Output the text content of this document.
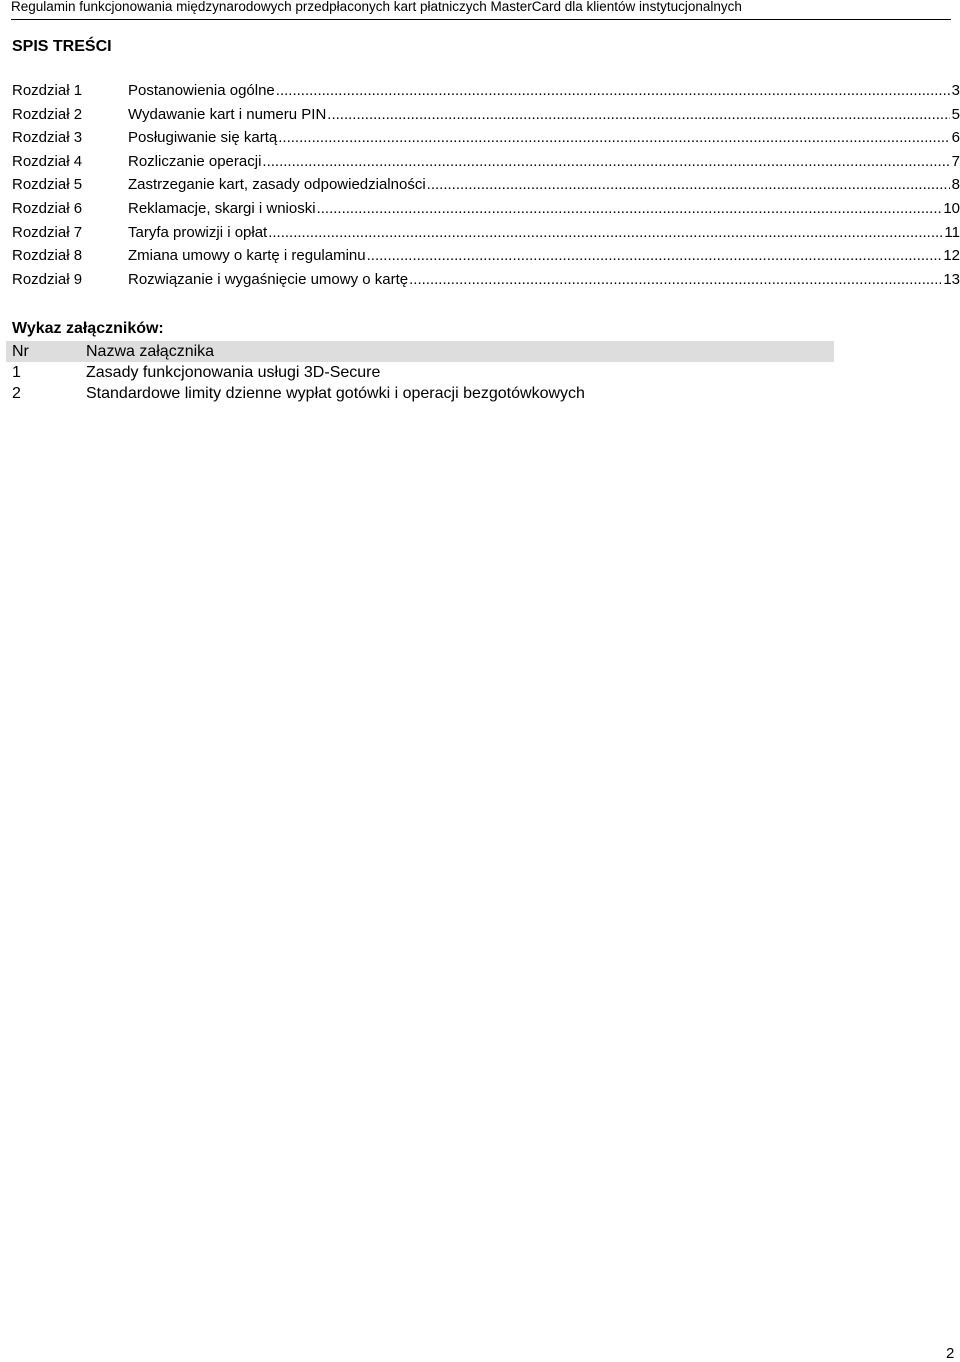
Regulamin funkcjonowania międzynarodowych przedpłaconych kart płatniczych MasterCard dla klientów instytucjonalnych
SPIS TREŚCI
Rozdział 1	Postanowienia ogólne .....	3
Rozdział 2	Wydawanie kart i numeru PIN .....	5
Rozdział 3	Posługiwanie się kartą .....	6
Rozdział 4	Rozliczanie operacji .....	7
Rozdział 5	Zastrzeganie kart, zasady odpowiedzialności .....	8
Rozdział 6	Reklamacje, skargi i wnioski .....	10
Rozdział 7	Taryfa prowizji i opłat .....	11
Rozdział 8	Zmiana umowy o kartę i regulaminu .....	12
Rozdział 9	Rozwiązanie i wygaśnięcie umowy o kartę .....	13
Wykaz załączników:
Nr	Nazwa załącznika
1	Zasady funkcjonowania usługi 3D-Secure
2	Standardowe limity dzienne wypłat gotówki i operacji bezgotówkowych
2
